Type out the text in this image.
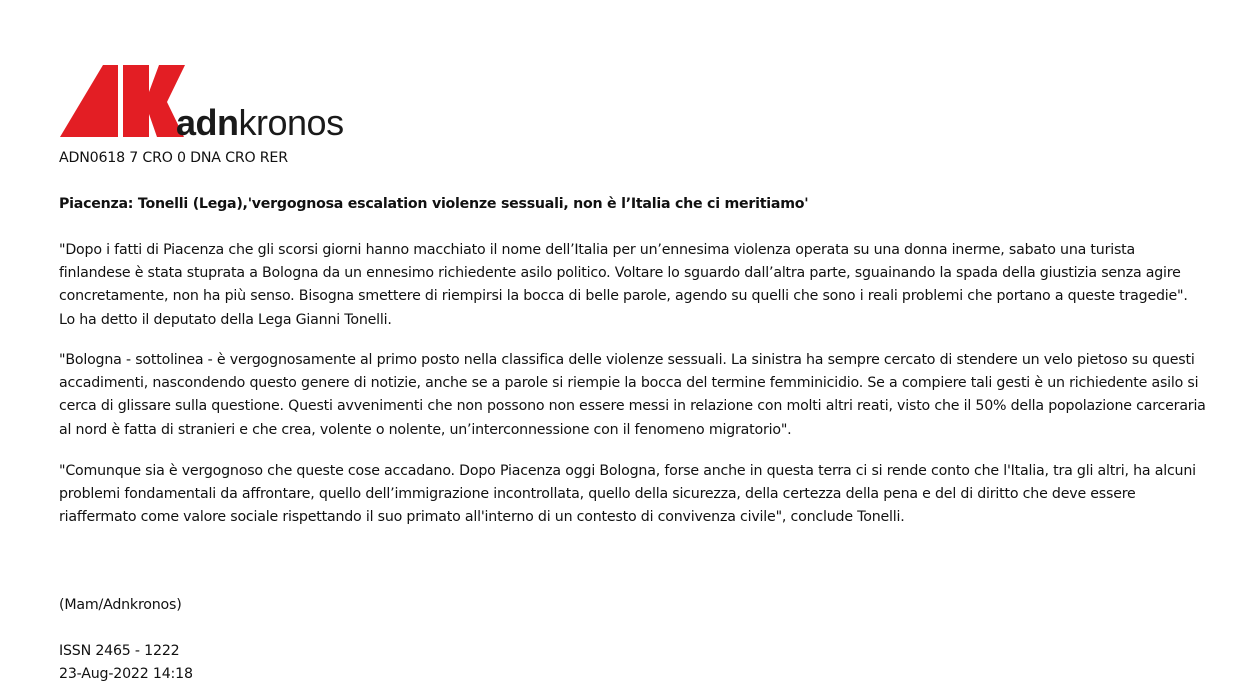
adnkronos
ADN0618 7 CRO 0 DNA CRO RER
Piacenza: Tonelli (Lega),'vergognosa escalation violenze sessuali, non è l’Italia che ci meritiamo'

"Dopo i fatti di Piacenza che gli scorsi giorni hanno macchiato il nome dell’Italia per un’ennesima violenza operata su una donna inerme, sabato una turista
finlandese è stata stuprata a Bologna da un ennesimo richiedente asilo politico. Voltare lo sguardo dall’altra parte, sguainando la spada della giustizia senza agire
concretamente, non ha più senso. Bisogna smettere di riempirsi la bocca di belle parole, agendo su quelli che sono i reali problemi che portano a queste tragedie".
Lo ha detto il deputato della Lega Gianni Tonelli.

"Bologna - sottolinea - è vergognosamente al primo posto nella classifica delle violenze sessuali. La sinistra ha sempre cercato di stendere un velo pietoso su questi
accadimenti, nascondendo questo genere di notizie, anche se a parole si riempie la bocca del termine femminicidio. Se a compiere tali gesti è un richiedente asilo si
cerca di glissare sulla questione. Questi avvenimenti che non possono non essere messi in relazione con molti altri reati, visto che il 50% della popolazione carceraria
al nord è fatta di stranieri e che crea, volente o nolente, un’interconnessione con il fenomeno migratorio".

"Comunque sia è vergognoso che queste cose accadano. Dopo Piacenza oggi Bologna, forse anche in questa terra ci si rende conto che l'Italia, tra gli altri, ha alcuni
problemi fondamentali da affrontare, quello dell’immigrazione incontrollata, quello della sicurezza, della certezza della pena e del di diritto che deve essere
riaffermato come valore sociale rispettando il suo primato all'interno di un contesto di convivenza civile", conclude Tonelli.

(Mam/Adnkronos)
ISSN 2465 - 1222
23-Aug-2022 14:18
